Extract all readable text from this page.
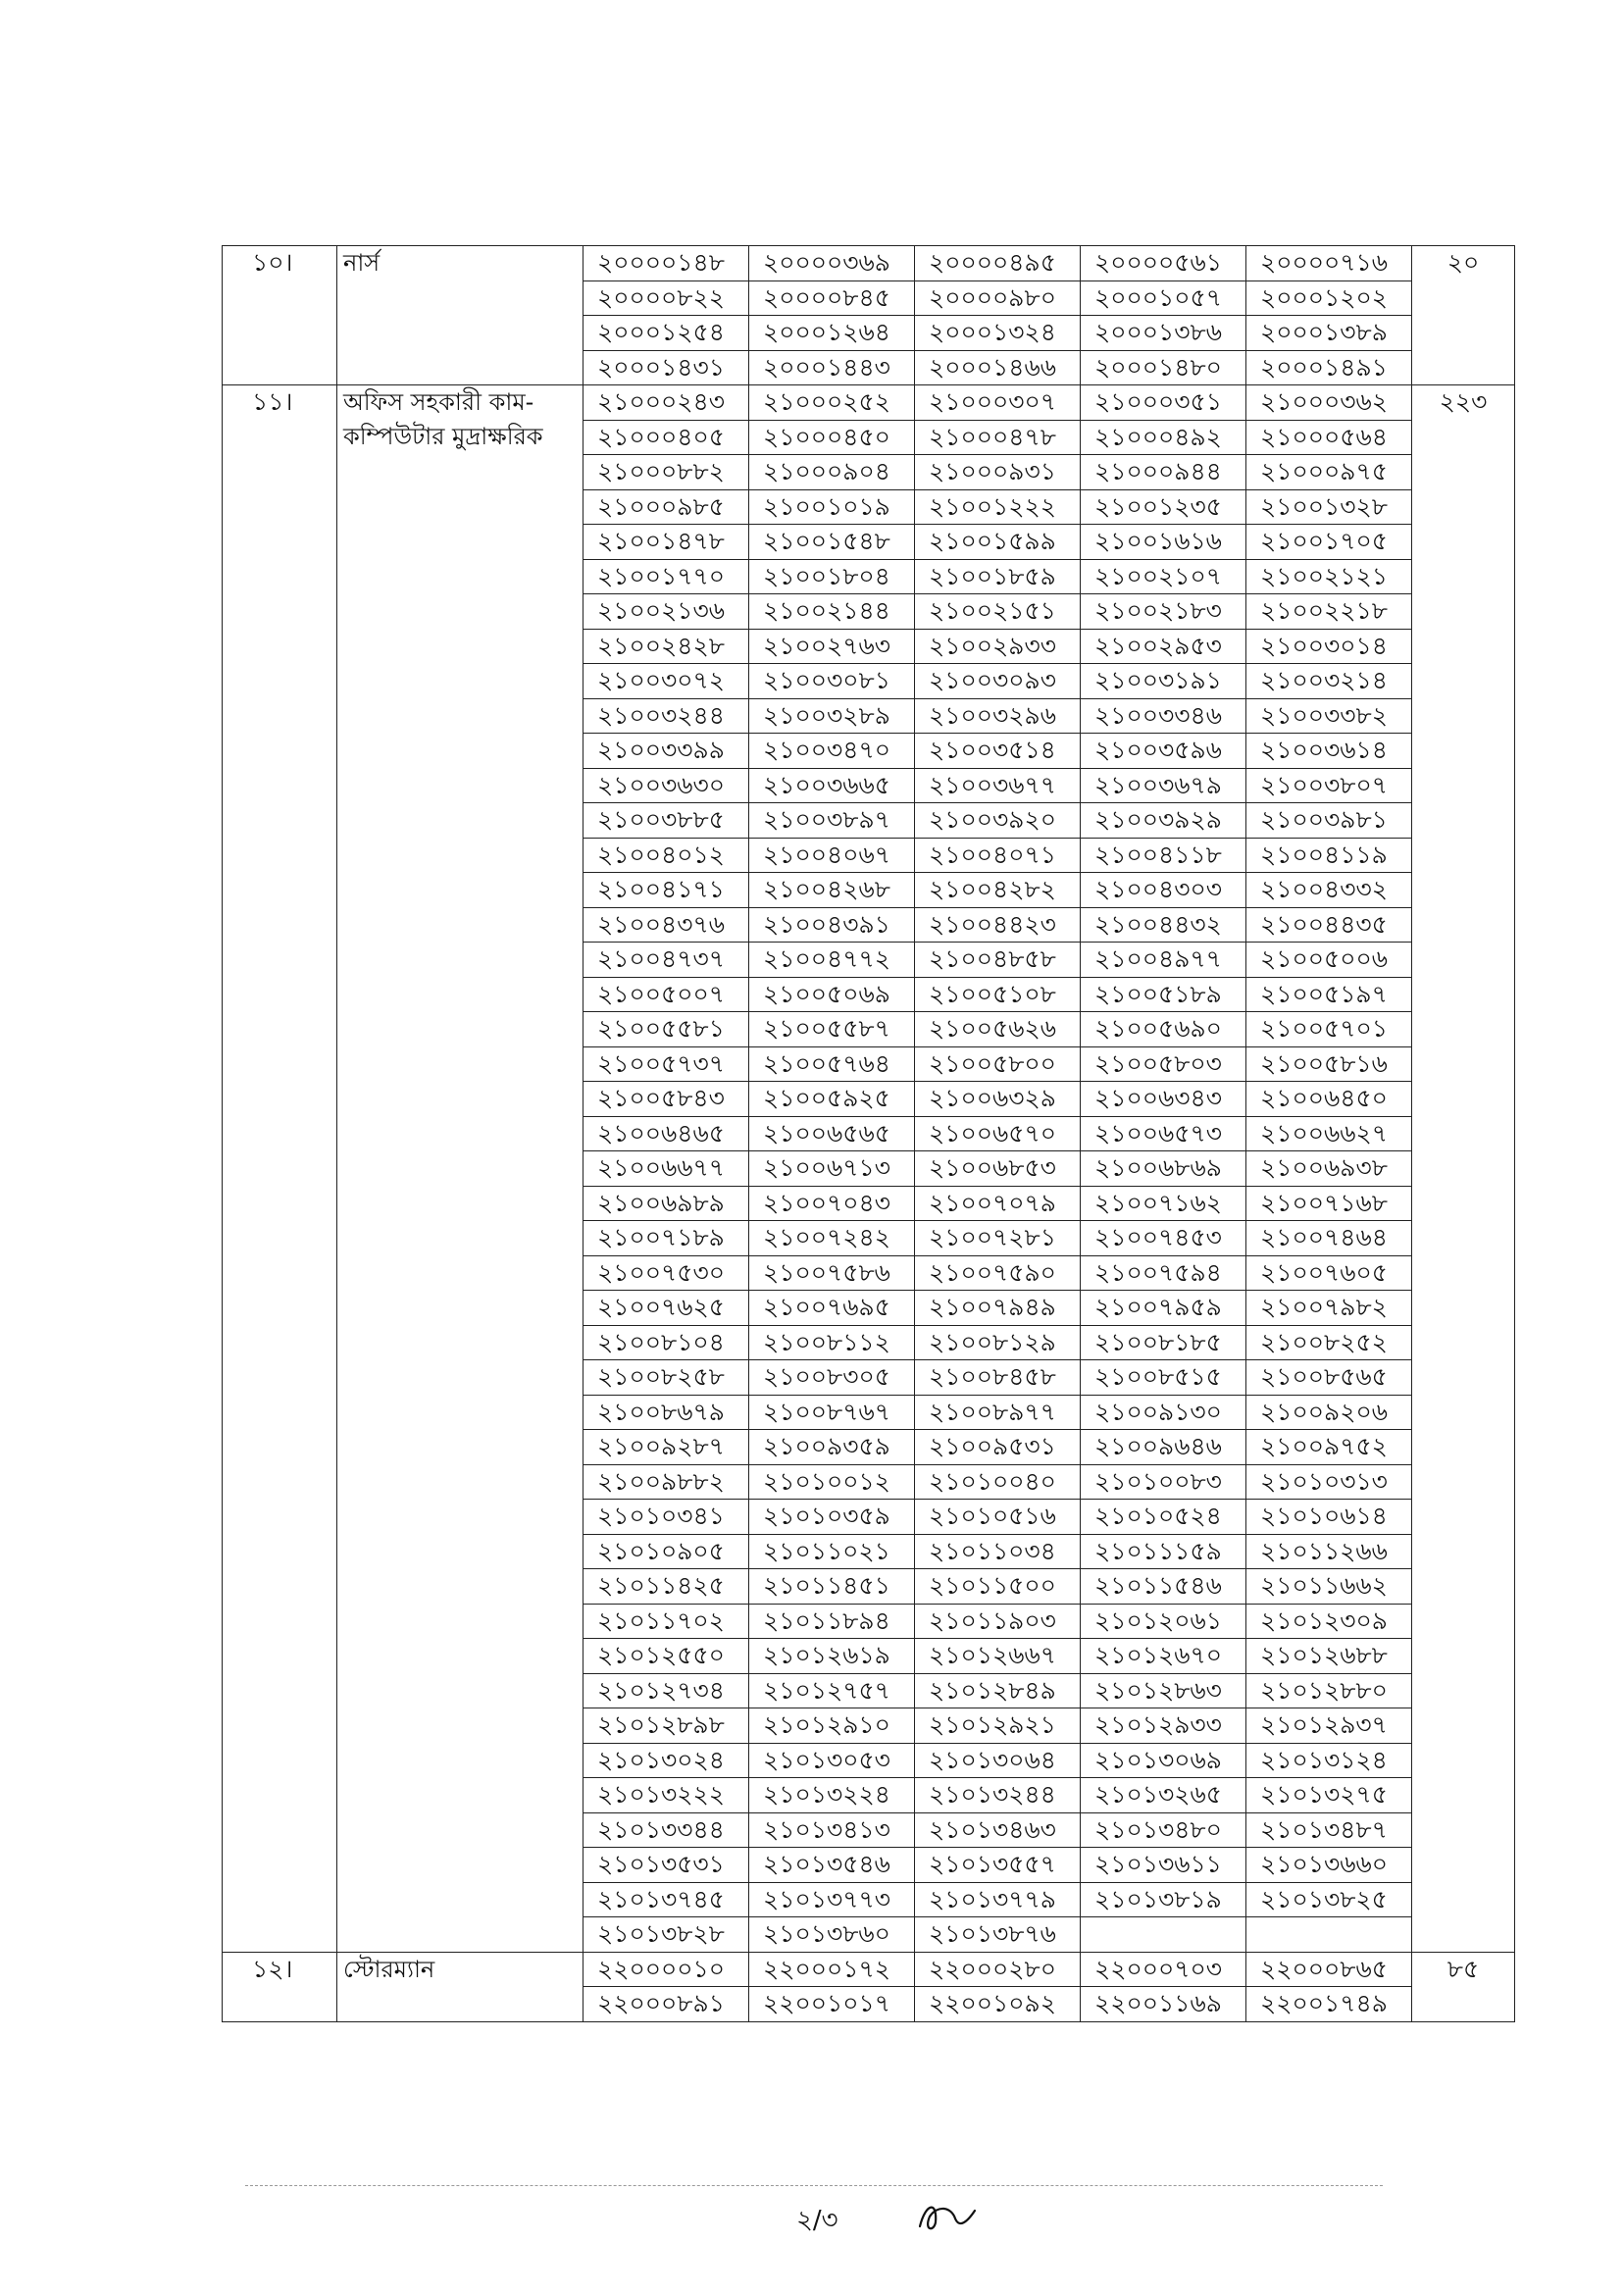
১০।	নার্স	২০০০০১৪৮	২০০০০৩৬৯	২০০০০৪৯৫	২০০০০৫৬১	২০০০০৭১৬	২০
		২০০০০৮২২	২০০০০৮৪৫	২০০০০৯৮০	২০০০১০৫৭	২০০০১২০২	
		২০০০১২৫৪	২০০০১২৬৪	২০০০১৩২৪	২০০০১৩৮৬	২০০০১৩৮৯	
		২০০০১৪৩১	২০০০১৪৪৩	২০০০১৪৬৬	২০০০১৪৮০	২০০০১৪৯১	
১১।	অফিস সহকারী কাম-কম্পিউটার মুদ্রাক্ষরিক	২১০০০২৪৩	২১০০০২৫২	২১০০০৩০৭	২১০০০৩৫১	২১০০০৩৬২	২২৩
		২১০০০৪০৫	২১০০০৪৫০	২১০০০৪৭৮	২১০০০৪৯২	২১০০০৫৬৪	
		২১০০০৮৮২	২১০০০৯০৪	২১০০০৯৩১	২১০০০৯৪৪	২১০০০৯৭৫	
		২১০০০৯৮৫	২১০০১০১৯	২১০০১২২২	২১০০১২৩৫	২১০০১৩২৮	
		২১০০১৪৭৮	২১০০১৫৪৮	২১০০১৫৯৯	২১০০১৬১৬	২১০০১৭০৫	
		২১০০১৭৭০	২১০০১৮০৪	২১০০১৮৫৯	২১০০২১০৭	২১০০২১২১	
		২১০০২১৩৬	২১০০২১৪৪	২১০০২১৫১	২১০০২১৮৩	২১০০২২১৮	
		২১০০২৪২৮	২১০০২৭৬৩	২১০০২৯৩৩	২১০০২৯৫৩	২১০০৩০১৪	
		২১০০৩০৭২	২১০০৩০৮১	২১০০৩০৯৩	২১০০৩১৯১	২১০০৩২১৪	
		২১০০৩২৪৪	২১০০৩২৮৯	২১০০৩২৯৬	২১০০৩৩৪৬	২১০০৩৩৮২	
		২১০০৩৩৯৯	২১০০৩৪৭০	২১০০৩৫১৪	২১০০৩৫৯৬	২১০০৩৬১৪	
		২১০০৩৬৩০	২১০০৩৬৬৫	২১০০৩৬৭৭	২১০০৩৬৭৯	২১০০৩৮০৭	
		২১০০৩৮৮৫	২১০০৩৮৯৭	২১০০৩৯২০	২১০০৩৯২৯	২১০০৩৯৮১	
		২১০০৪০১২	২১০০৪০৬৭	২১০০৪০৭১	২১০০৪১১৮	২১০০৪১১৯	
		২১০০৪১৭১	২১০০৪২৬৮	২১০০৪২৮২	২১০০৪৩০৩	২১০০৪৩৩২	
		২১০০৪৩৭৬	২১০০৪৩৯১	২১০০৪৪২৩	২১০০৪৪৩২	২১০০৪৪৩৫	
		২১০০৪৭৩৭	২১০০৪৭৭২	২১০০৪৮৫৮	২১০০৪৯৭৭	২১০০৫০০৬	
		২১০০৫০০৭	২১০০৫০৬৯	২১০০৫১০৮	২১০০৫১৮৯	২১০০৫১৯৭	
		২১০০৫৫৮১	২১০০৫৫৮৭	২১০০৫৬২৬	২১০০৫৬৯০	২১০০৫৭০১	
		২১০০৫৭৩৭	২১০০৫৭৬৪	২১০০৫৮০০	২১০০৫৮০৩	২১০০৫৮১৬	
		২১০০৫৮৪৩	২১০০৫৯২৫	২১০০৬৩২৯	২১০০৬৩৪৩	২১০০৬৪৫০	
		২১০০৬৪৬৫	২১০০৬৫৬৫	২১০০৬৫৭০	২১০০৬৫৭৩	২১০০৬৬২৭	
		২১০০৬৬৭৭	২১০০৬৭১৩	২১০০৬৮৫৩	২১০০৬৮৬৯	২১০০৬৯৩৮	
		২১০০৬৯৮৯	২১০০৭০৪৩	২১০০৭০৭৯	২১০০৭১৬২	২১০০৭১৬৮	
		২১০০৭১৮৯	২১০০৭২৪২	২১০০৭২৮১	২১০০৭৪৫৩	২১০০৭৪৬৪	
		২১০০৭৫৩০	২১০০৭৫৮৬	২১০০৭৫৯০	২১০০৭৫৯৪	২১০০৭৬০৫	
		২১০০৭৬২৫	২১০০৭৬৯৫	২১০০৭৯৪৯	২১০০৭৯৫৯	২১০০৭৯৮২	
		২১০০৮১০৪	২১০০৮১১২	২১০০৮১২৯	২১০০৮১৮৫	২১০০৮২৫২	
		২১০০৮২৫৮	২১০০৮৩০৫	২১০০৮৪৫৮	২১০০৮৫১৫	২১০০৮৫৬৫	
		২১০০৮৬৭৯	২১০০৮৭৬৭	২১০০৮৯৭৭	২১০০৯১৩০	২১০০৯২০৬	
		২১০০৯২৮৭	২১০০৯৩৫৯	২১০০৯৫৩১	২১০০৯৬৪৬	২১০০৯৭৫২	
		২১০০৯৮৮২	২১০১০০১২	২১০১০০৪০	২১০১০০৮৩	২১০১০৩১৩	
		২১০১০৩৪১	২১০১০৩৫৯	২১০১০৫১৬	২১০১০৫২৪	২১০১০৬১৪	
		২১০১০৯০৫	২১০১১০২১	২১০১১০৩৪	২১০১১১৫৯	২১০১১২৬৬	
		২১০১১৪২৫	২১০১১৪৫১	২১০১১৫০০	২১০১১৫৪৬	২১০১১৬৬২	
		২১০১১৭০২	২১০১১৮৯৪	২১০১১৯০৩	২১০১২০৬১	২১০১২৩০৯	
		২১০১২৫৫০	২১০১২৬১৯	২১০১২৬৬৭	২১০১২৬৭০	২১০১২৬৮৮	
		২১০১২৭৩৪	২১০১২৭৫৭	২১০১২৮৪৯	২১০১২৮৬৩	২১০১২৮৮০	
		২১০১২৮৯৮	২১০১২৯১০	২১০১২৯২১	২১০১২৯৩৩	২১০১২৯৩৭	
		২১০১৩০২৪	২১০১৩০৫৩	২১০১৩০৬৪	২১০১৩০৬৯	২১০১৩১২৪	
		২১০১৩২২২	২১০১৩২২৪	২১০১৩২৪৪	২১০১৩২৬৫	২১০১৩২৭৫	
		২১০১৩৩৪৪	২১০১৩৪১৩	২১০১৩৪৬৩	২১০১৩৪৮০	২১০১৩৪৮৭	
		২১০১৩৫৩১	২১০১৩৫৪৬	২১০১৩৫৫৭	২১০১৩৬১১	২১০১৩৬৬০	
		২১০১৩৭৪৫	২১০১৩৭৭৩	২১০১৩৭৭৯	২১০১৩৮১৯	২১০১৩৮২৫	
		২১০১৩৮২৮	২১০১৩৮৬০	২১০১৩৮৭৬			
১২।	স্টোরম্যান	২২০০০০১০	২২০০০১৭২	২২০০০২৮০	২২০০০৭০৩	২২০০০৮৬৫	৮৫
		২২০০০৮৯১	২২০০১০১৭	২২০০১০৯২	২২০০১১৬৯	২২০০১৭৪৯	
২/৩
